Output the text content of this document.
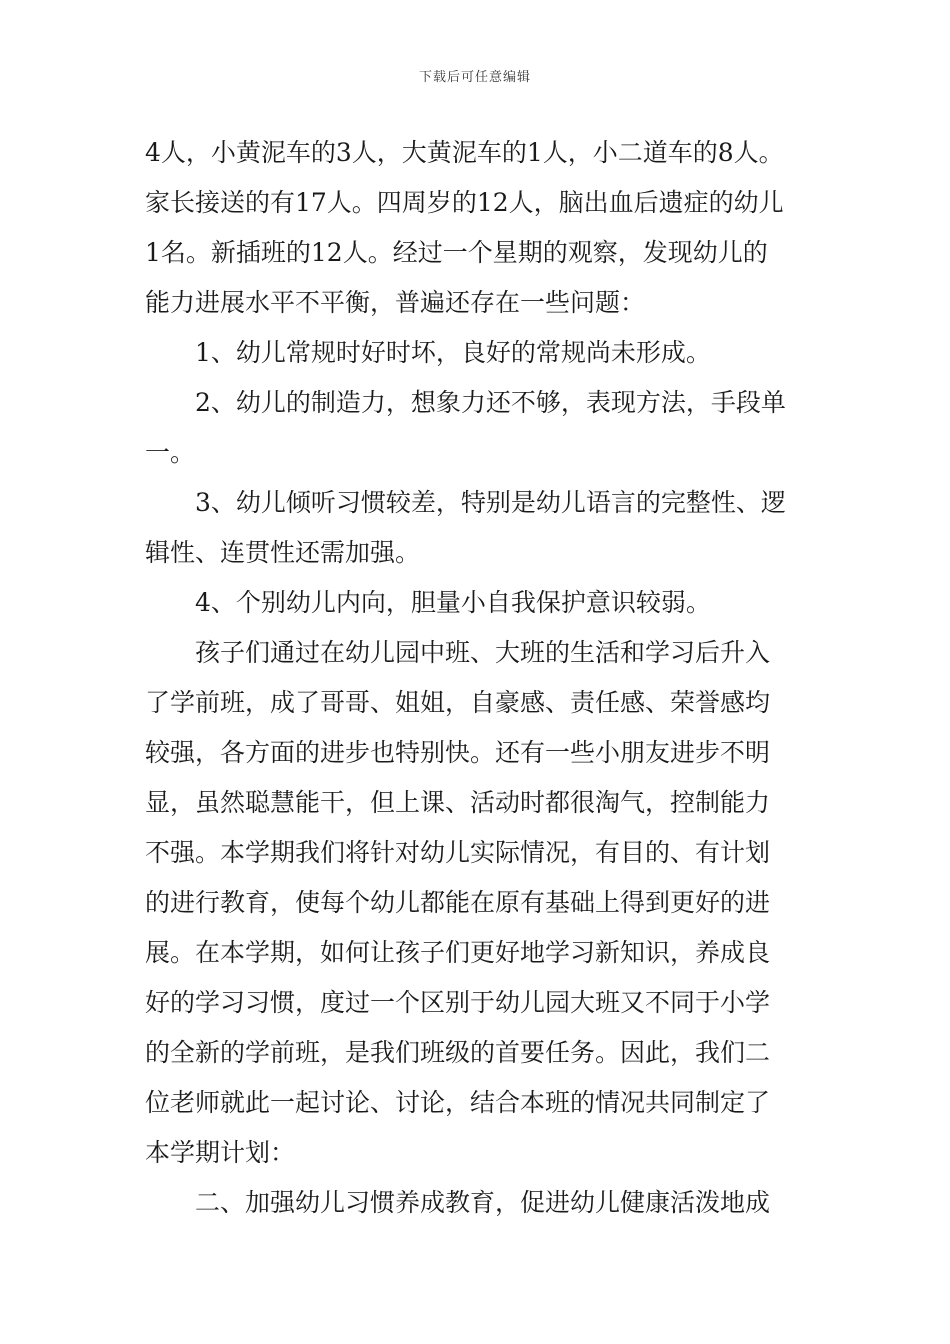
下载后可任意编辑
4人，小黄泥车的3人，大黄泥车的1人，小二道车的8人。
家长接送的有17人。四周岁的12人，脑出血后遗症的幼儿
1名。新插班的12人。经过一个星期的观察，发现幼儿的
能力进展水平不平衡，普遍还存在一些问题：
1、幼儿常规时好时坏，良好的常规尚未形成。
2、幼儿的制造力，想象力还不够，表现方法，手段单
一。
3、幼儿倾听习惯较差，特别是幼儿语言的完整性、逻
辑性、连贯性还需加强。
4、个别幼儿内向，胆量小自我保护意识较弱。
孩子们通过在幼儿园中班、大班的生活和学习后升入
了学前班，成了哥哥、姐姐，自豪感、责任感、荣誉感均
较强，各方面的进步也特别快。还有一些小朋友进步不明
显，虽然聪慧能干，但上课、活动时都很淘气，控制能力
不强。本学期我们将针对幼儿实际情况，有目的、有计划
的进行教育，使每个幼儿都能在原有基础上得到更好的进
展。在本学期，如何让孩子们更好地学习新知识，养成良
好的学习习惯，度过一个区别于幼儿园大班又不同于小学
的全新的学前班，是我们班级的首要任务。因此，我们二
位老师就此一起讨论、讨论，结合本班的情况共同制定了
本学期计划：
二、加强幼儿习惯养成教育，促进幼儿健康活泼地成
